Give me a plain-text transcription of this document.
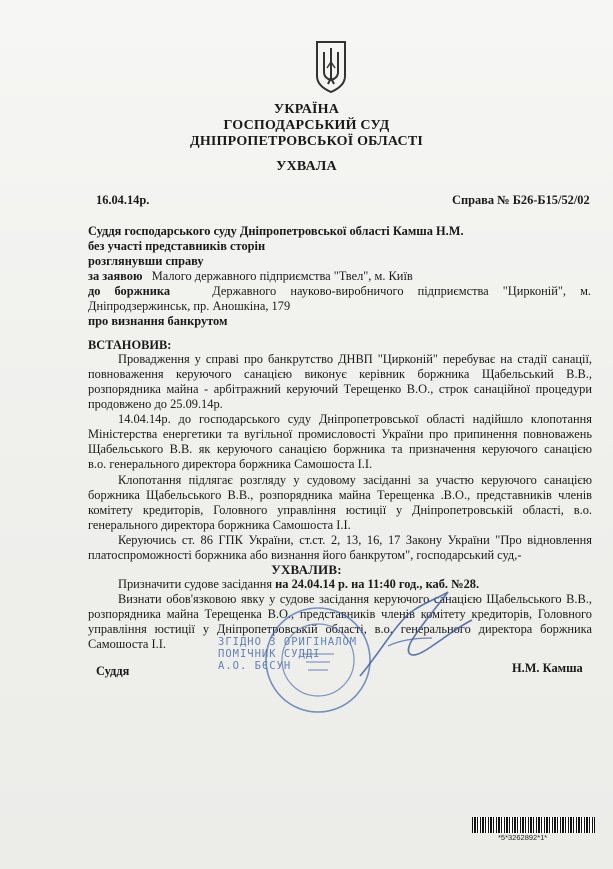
УКРАЇНА
ГОСПОДАРСЬКИЙ СУД
ДНІПРОПЕТРОВСЬКОЇ ОБЛАСТІ
УХВАЛА
16.04.14р.	Справа № Б26-Б15/52/02
Суддя господарського суду Дніпропетровської області Камша Н.М.
без участі представників сторін
розглянувши справу
за заявою Малого державного підприємства "Твел", м. Київ
до боржника	Державного науково-виробничого підприємства "Цирконій", м.
Дніпродзержинськ, пр. Аношкіна, 179
про визнання банкрутом
ВСТАНОВИВ:
Провадження у справі про банкрутство ДНВП "Цирконій" перебуває на стадії санації,
повноваження керуючого санацією виконує керівник боржника Щабельський В.В.,
розпорядника майна - арбітражний керуючий Терещенко В.О., строк санаційної процедури
продовжено до 25.09.14р.
14.04.14р. до господарського суду Дніпропетровської області надійшло клопотання
Міністерства енергетики та вугільної промисловості України про припинення повноважень
Щабельського В.В. як керуючого санацією боржника та призначення керуючого санацією
в.о. генерального директора боржника Самошоста І.І.
Клопотання підлягає розгляду у судовому засіданні за участю керуючого санацією
боржника Щабельського В.В., розпорядника майна Терещенка .В.О., представників членів
комітету кредиторів, Головного управління юстиції у Дніпропетровській області, в.о.
генерального директора боржника Самошоста І.І.
Керуючись ст. 86 ГПК України, ст.ст. 2, 13, 16, 17 Закону України "Про відновлення
платоспроможності боржника або визнання його банкрутом", господарський суд,-
УХВАЛИВ:
Призначити судове засідання на 24.04.14 р. на 11:40 год., каб. №28.
Визнати обов'язковою явку у судове засідання керуючого санацією Щабельського В.В.,
розпорядника майна Терещенка В.О., представників членів комітету кредиторів, Головного
управління юстиції у Дніпропетровській області, в.о. генерального директора боржника
Самошоста І.І.	ЗГІДНО З ОРИГІНАЛОМ
ПОМІЧНИК СУДДІ
А.О. БЄСУН
Суддя	Н.М. Камша
*5*3262892*1*
